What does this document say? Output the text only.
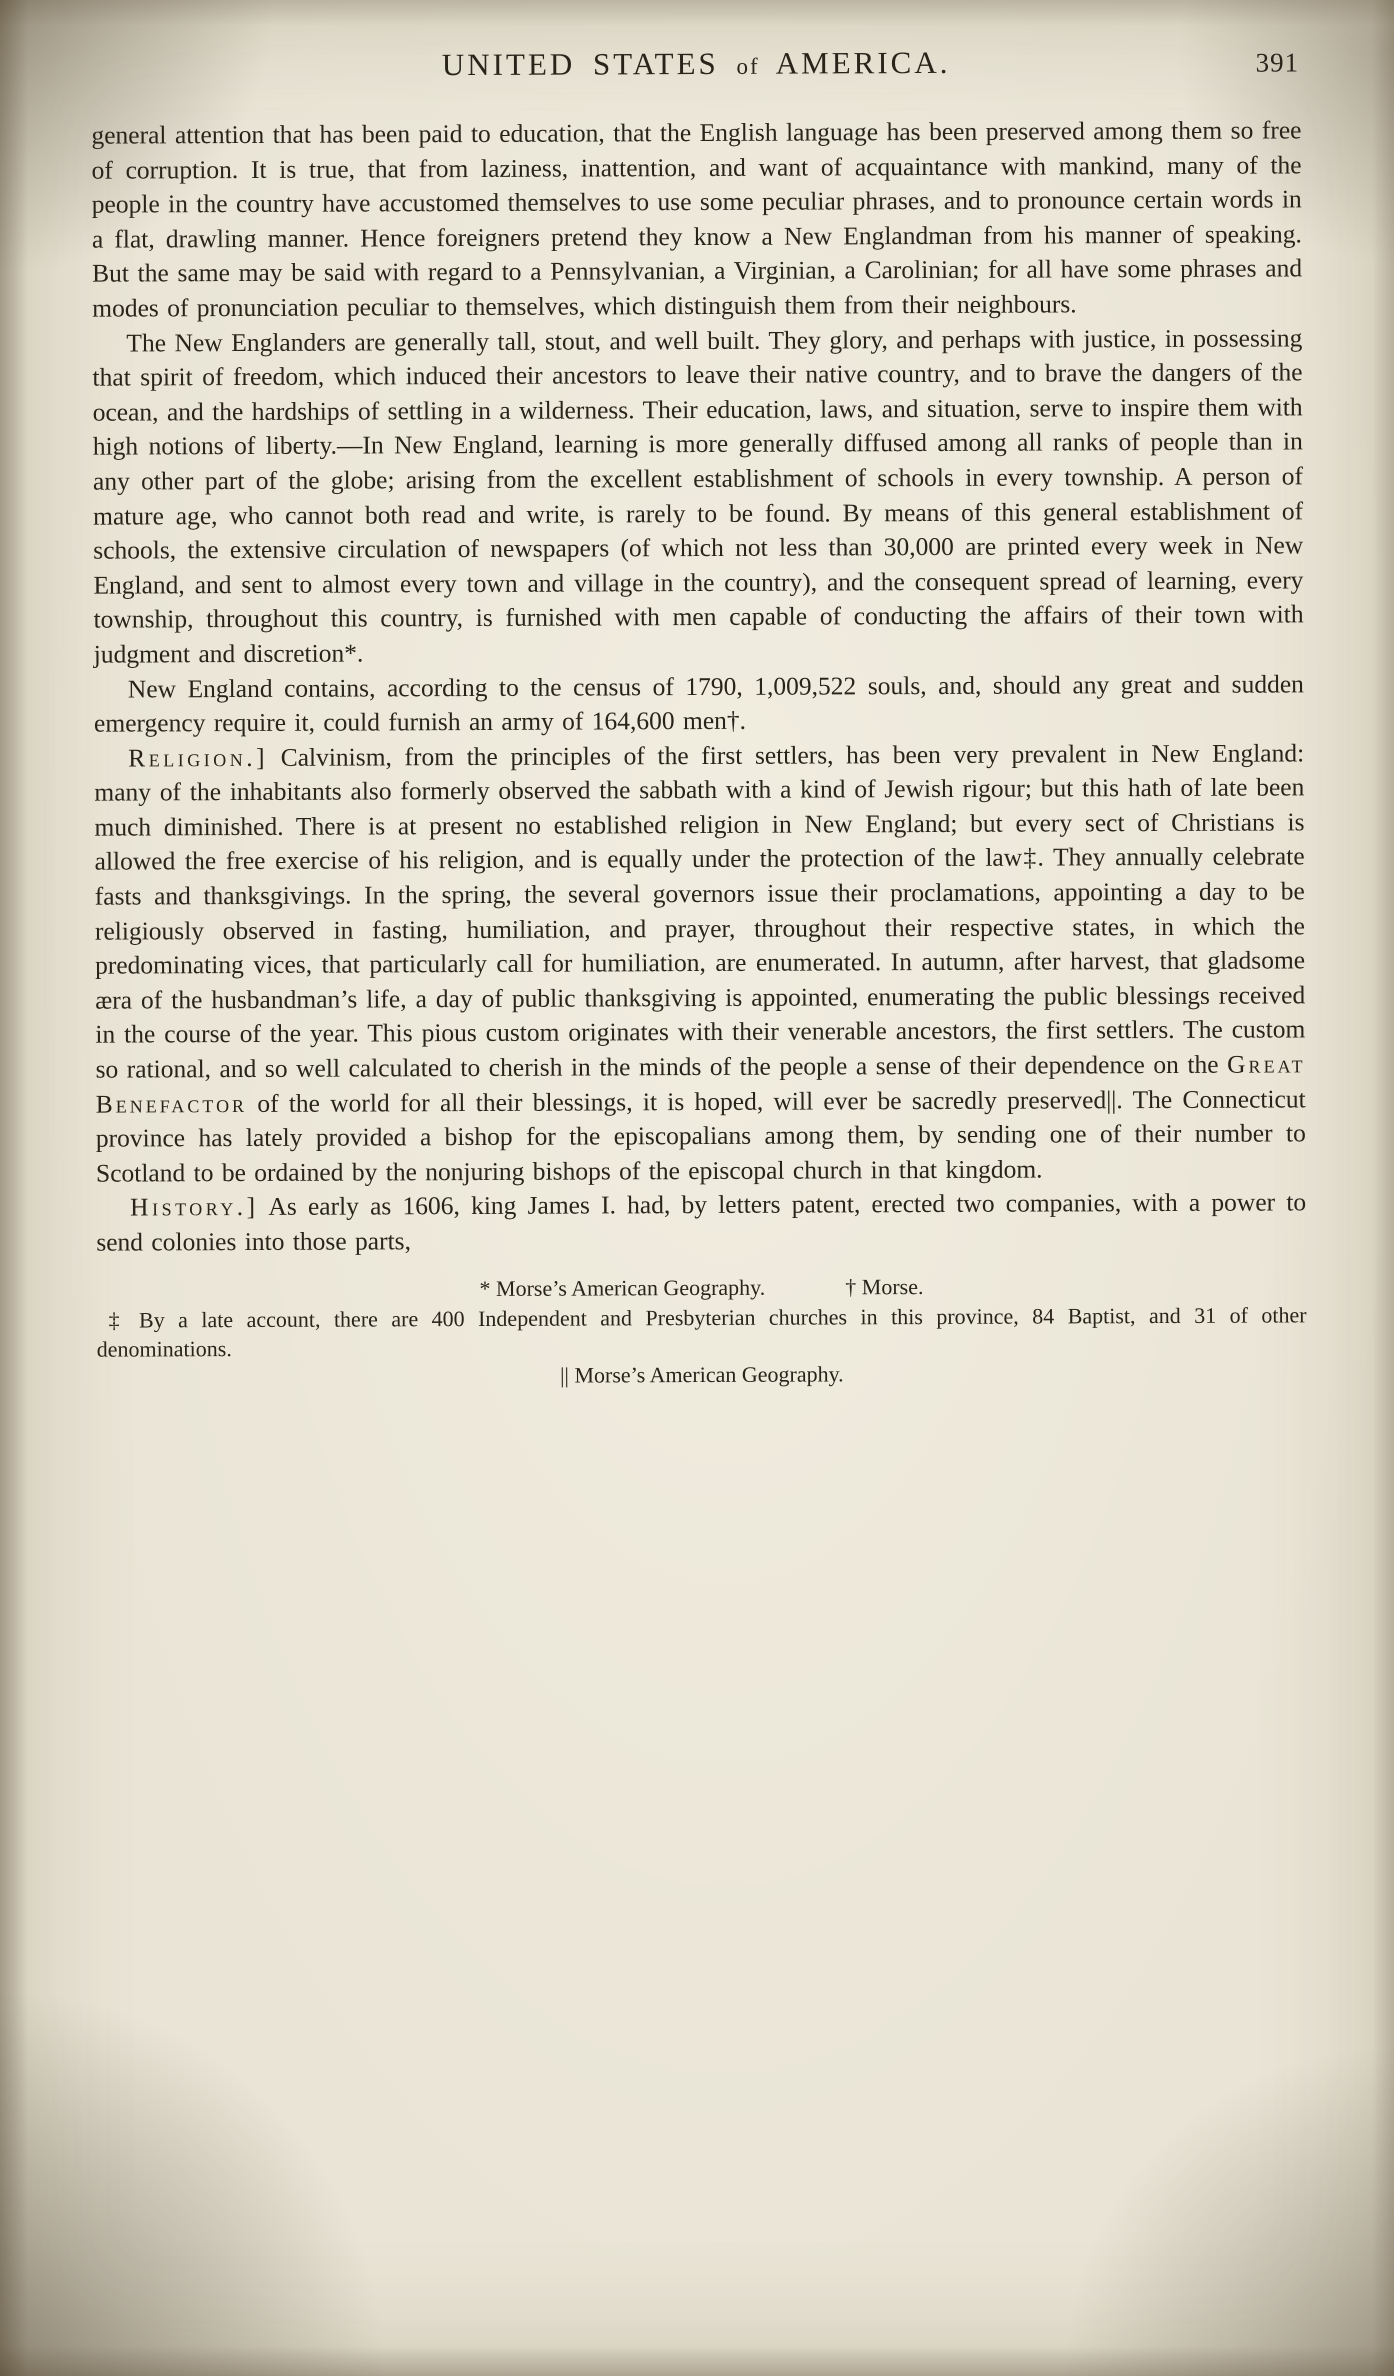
UNITED STATES of AMERICA.	391

general attention that has been paid to education, that the English language has been preserved among them so free of corruption. It is true, that from laziness, inattention, and want of acquaintance with mankind, many of the people in the country have accustomed themselves to use some peculiar phrases, and to pronounce certain words in a flat, drawling manner. Hence foreigners pretend they know a New Englandman from his manner of speaking. But the same may be said with regard to a Pennsylvanian, a Virginian, a Carolinian; for all have some phrases and modes of pronunciation peculiar to themselves, which distinguish them from their neighbours.

The New Englanders are generally tall, stout, and well built. They glory, and perhaps with justice, in possessing that spirit of freedom, which induced their ancestors to leave their native country, and to brave the dangers of the ocean, and the hardships of settling in a wilderness. Their education, laws, and situation, serve to inspire them with high notions of liberty.—In New England, learning is more generally diffused among all ranks of people than in any other part of the globe; arising from the excellent establishment of schools in every township. A person of mature age, who cannot both read and write, is rarely to be found. By means of this general establishment of schools, the extensive circulation of newspapers (of which not less than 30,000 are printed every week in New England, and sent to almost every town and village in the country), and the consequent spread of learning, every township, throughout this country, is furnished with men capable of conducting the affairs of their town with judgment and discretion*.

New England contains, according to the census of 1790, 1,009,522 souls, and, should any great and sudden emergency require it, could furnish an army of 164,600 men†.

Religion.] Calvinism, from the principles of the first settlers, has been very prevalent in New England: many of the inhabitants also formerly observed the sabbath with a kind of Jewish rigour; but this hath of late been much diminished. There is at present no established religion in New England; but every sect of Christians is allowed the free exercise of his religion, and is equally under the protection of the law‡. They annually celebrate fasts and thanksgivings. In the spring, the several governors issue their proclamations, appointing a day to be religiously observed in fasting, humiliation, and prayer, throughout their respective states, in which the predominating vices, that particularly call for humiliation, are enumerated. In autumn, after harvest, that gladsome æra of the husbandman’s life, a day of public thanksgiving is appointed, enumerating the public blessings received in the course of the year. This pious custom originates with their venerable ancestors, the first settlers. The custom so rational, and so well calculated to cherish in the minds of the people a sense of their dependence on the Great Benefactor of the world for all their blessings, it is hoped, will ever be sacredly preserved||. The Connecticut province has lately provided a bishop for the episcopalians among them, by sending one of their number to Scotland to be ordained by the nonjuring bishops of the episcopal church in that kingdom.

History.] As early as 1606, king James I. had, by letters patent, erected two companies, with a power to send colonies into those parts,

* Morse’s American Geography.	† Morse.

‡ By a late account, there are 400 Independent and Presbyterian churches in this province, 84 Baptist, and 31 of other denominations.

|| Morse’s American Geography.
